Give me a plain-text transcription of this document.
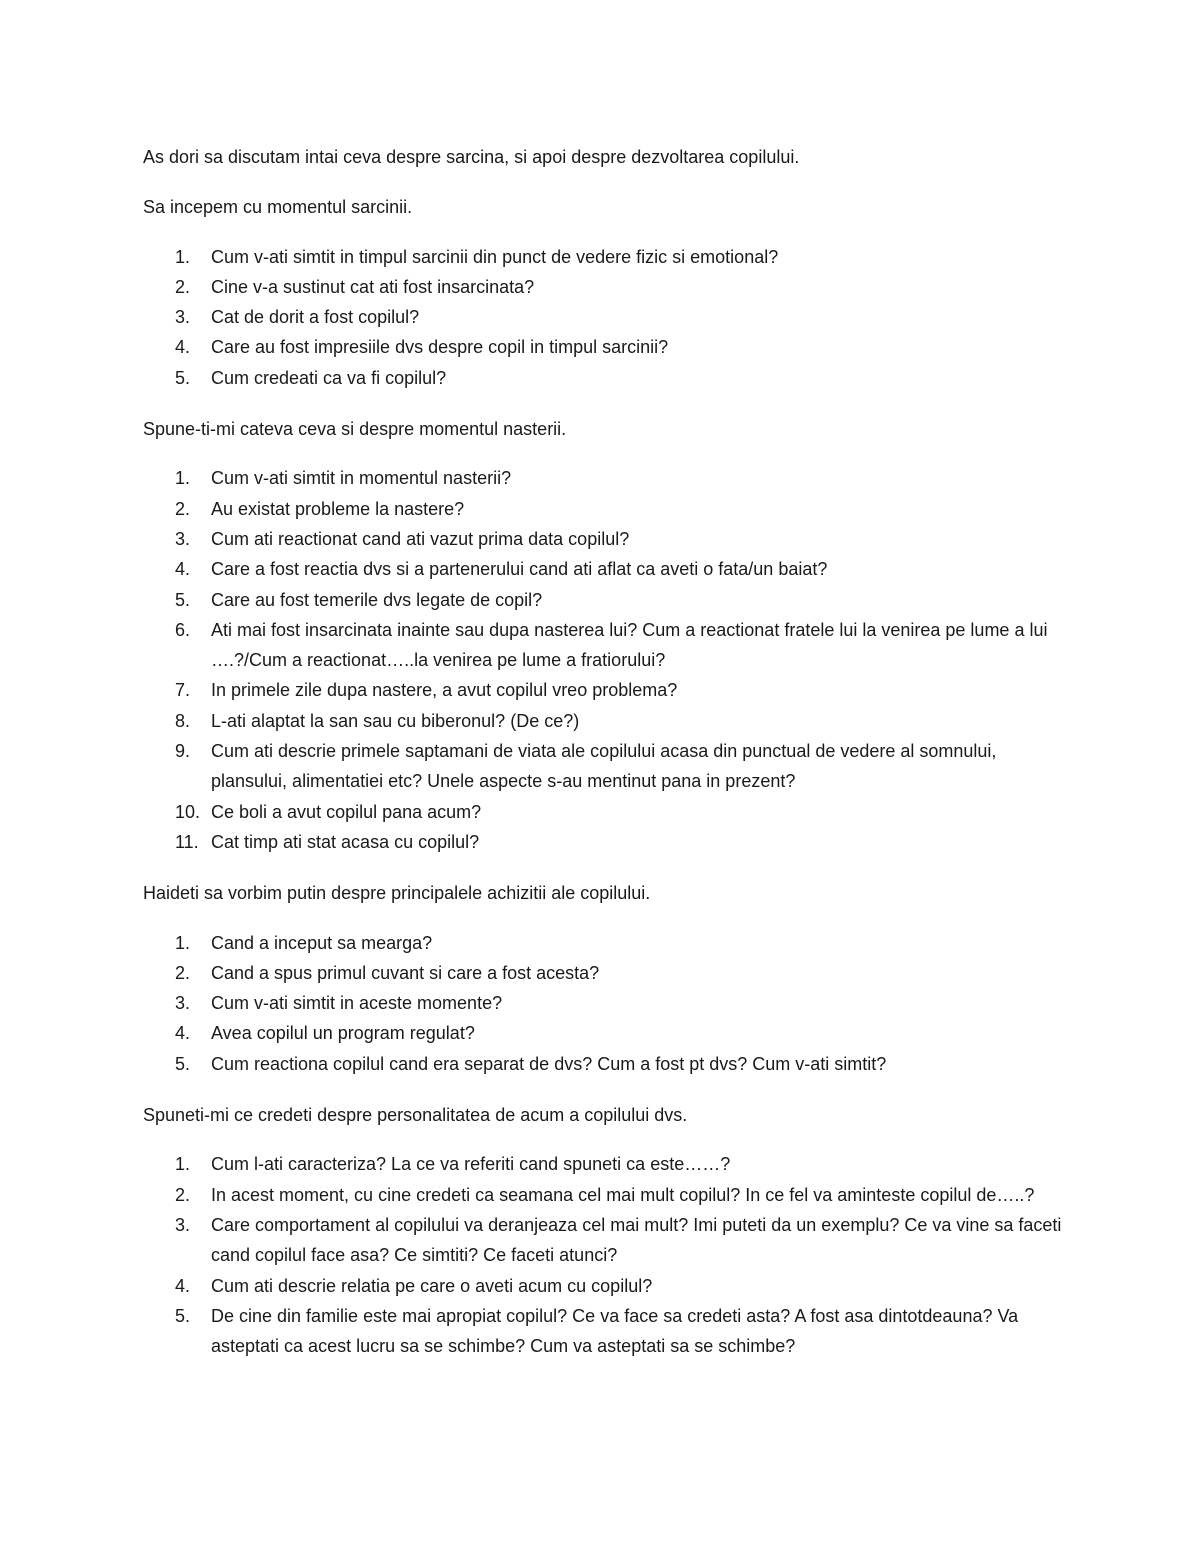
As dori sa discutam intai ceva despre sarcina, si apoi despre dezvoltarea copilului.

Sa incepem cu momentul sarcinii.

1.	Cum v-ati simtit in timpul sarcinii din punct de vedere fizic si emotional?
2.	Cine v-a sustinut cat ati fost insarcinata?
3.	Cat de dorit a fost copilul?
4.	Care au fost impresiile dvs despre copil in timpul sarcinii?
5.	Cum credeati ca va fi copilul?

Spune-ti-mi cateva ceva si despre momentul nasterii.

1.	Cum v-ati simtit in momentul nasterii?
2.	Au existat probleme la nastere?
3.	Cum ati reactionat cand ati vazut prima data copilul?
4.	Care a fost reactia dvs si a partenerului cand ati aflat ca aveti o fata/un baiat?
5.	Care au fost temerile dvs legate de copil?
6.	Ati mai fost insarcinata inainte sau dupa nasterea lui? Cum a reactionat fratele lui la venirea pe lume a lui ….?/Cum a reactionat…..la venirea pe lume a fratiorului?
7.	In primele zile dupa nastere, a avut copilul vreo problema?
8.	L-ati alaptat la san sau cu biberonul? (De ce?)
9.	Cum ati descrie primele saptamani de viata ale copilului acasa din punctual de vedere al somnului, plansului, alimentatiei etc? Unele aspecte s-au mentinut pana in prezent?
10. Ce boli a avut copilul pana acum?
11. Cat timp ati stat acasa cu copilul?

Haideti sa vorbim putin despre principalele achizitii ale copilului.

1.	Cand a inceput sa mearga?
2.	Cand a spus primul cuvant si care a fost acesta?
3.	Cum v-ati simtit in aceste momente?
4.	Avea copilul un program regulat?
5.	Cum reactiona copilul cand era separat de dvs? Cum a fost pt dvs? Cum v-ati simtit?

Spuneti-mi ce credeti despre personalitatea de acum a copilului dvs.

1.	Cum l-ati caracteriza? La ce va referiti cand spuneti ca este……?
2.	In acest moment, cu cine credeti ca seamana cel mai mult copilul? In ce fel va aminteste copilul de…..?
3.	Care comportament al copilului va deranjeaza cel mai mult? Imi puteti da un exemplu? Ce va vine sa faceti cand copilul face asa? Ce simtiti? Ce faceti atunci?
4.	Cum ati descrie relatia pe care o aveti acum cu copilul?
5.	De cine din familie este mai apropiat copilul? Ce va face sa credeti asta? A fost asa dintotdeauna? Va asteptati ca acest lucru sa se schimbe? Cum va asteptati sa se schimbe?
